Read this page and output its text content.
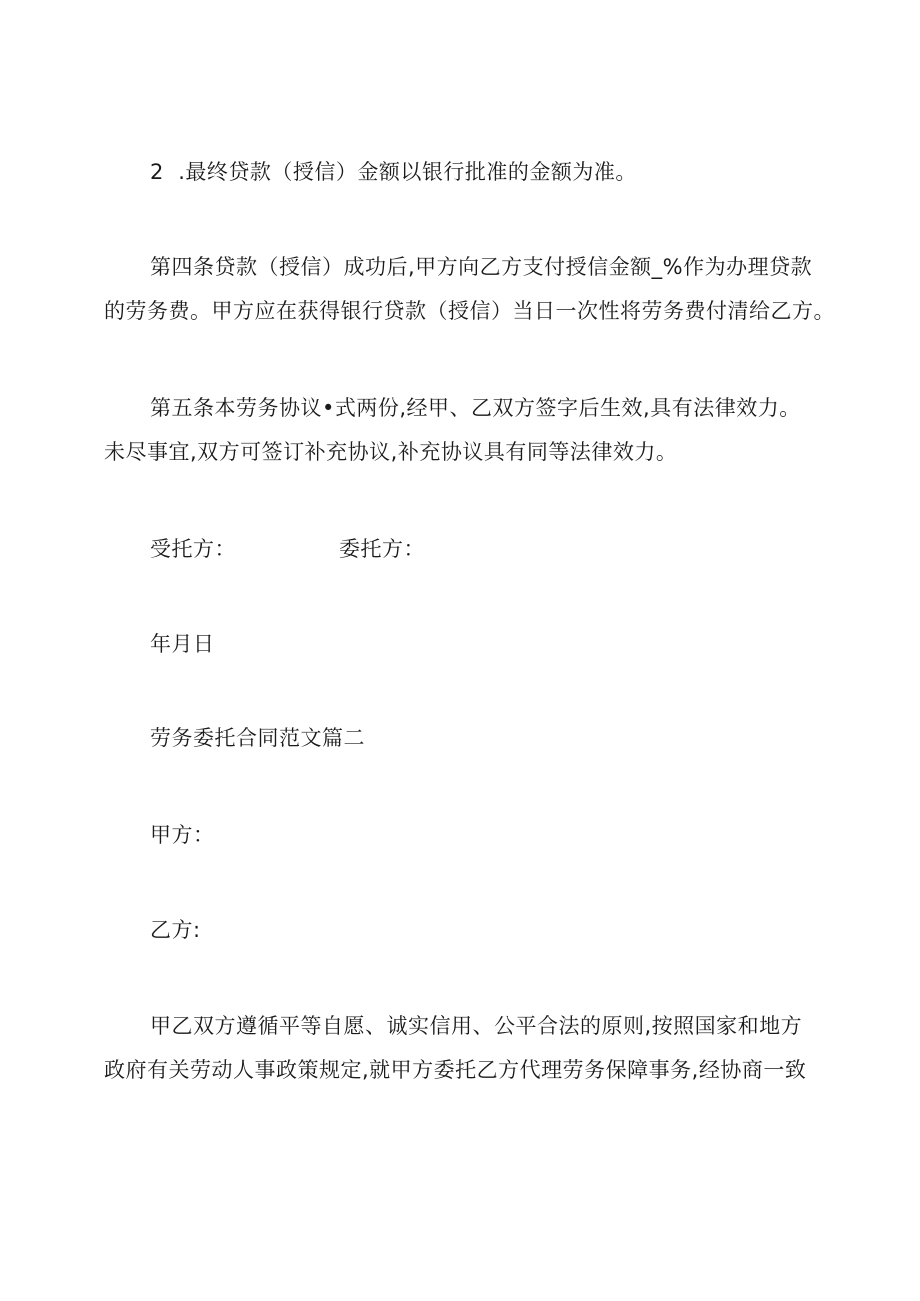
2  .最终贷款（授信）金额以银行批准的金额为准。
第四条贷款（授信）成功后,甲方向乙方支付授信金额_%作为办理贷款
的劳务费。甲方应在获得银行贷款（授信）当日一次性将劳务费付清给乙方。
第五条本劳务协议•式两份,经甲、乙双方签字后生效,具有法律效力。
未尽事宜,双方可签订补充协议,补充协议具有同等法律效力。
受托方：	委托方：
年月日
劳务委托合同范文篇二
甲方：
乙方:
甲乙双方遵循平等自愿、诚实信用、公平合法的原则,按照国家和地方
政府有关劳动人事政策规定,就甲方委托乙方代理劳务保障事务,经协商一致
